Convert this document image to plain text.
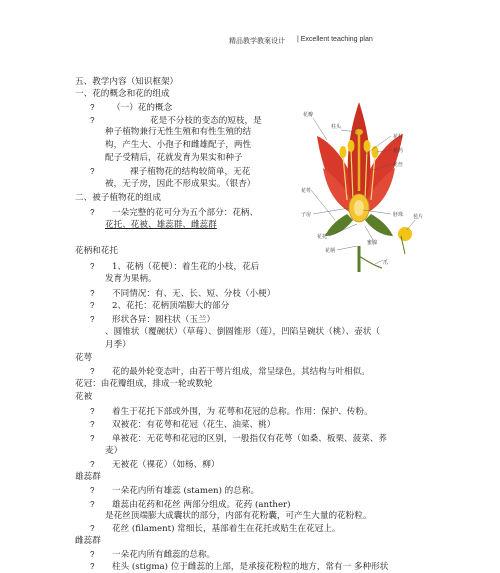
精品教学教案设计 | Excellent teaching plan
五、教学内容（知识框架）
一、花的概念和花的组成
? （一）花的概念
?	花是不分枝的变态的短枝，是
种子植物兼行无性生殖和有性生殖的结
构，产生大、小孢子和雌雄配子，两性
配子受精后，花就发育为果实和种子
?	裸子植物花的结构较简单，无花
被，无子房，因此不形成果实。（银杏）
二、被子植物花的组成
? 一朵完整的花可分为五个部分：花柄、
花托、花被、雄蕊群、雌蕊群
花柄和花托
? 1、花柄（花梗）：着生花的小枝，花后
发育为果柄。
? 不同情况：有、无、长、短、分枝（小梗）
? 2、花托：花柄顶端膨大的部分
? 形状各异：圆柱状（玉兰）
、圆锥状（覆碗状）（草莓）、倒圆锥形（莲），凹陷呈碗状（桃）、壶状（
月季）
花萼
? 花的最外轮变态叶，由若干萼片组成，常呈绿色，其结构与叶相似。
花冠：由花瓣组成，排成一轮或数轮
花被
? 着生于花托下部或外围，为 花萼和花冠的总称。作用：保护、传粉。
? 双被花：有花萼和花冠（花生、油菜、桃）
? 单被花：无花萼和花冠的区别，一般指仅有花萼（如桑、板栗、菠菜、荞
麦）
? 无被花（裸花）（如杨、柳）
雄蕊群
? 一朵花内所有雄蕊 (stamen) 的总称。
? 雄蕊由花药和花丝 两部分组成。花药 (anther)
是花丝顶端膨大成囊状的部分，内部有花粉囊，可产生大量的花粉粒。
? 花丝 (filament) 常细长，基部着生在花托或贴生在花冠上。
雌蕊群
? 一朵花内所有雌蕊的总称。
? 柱头 (stigma) 位于雌蕊的上部，是承接花粉粒的地方，常有一 多种形状
花瓣
柱头
花柱
花药
花丝
子房
花萼
胚珠
花托
花柄
蜜腺
苞片
爪
